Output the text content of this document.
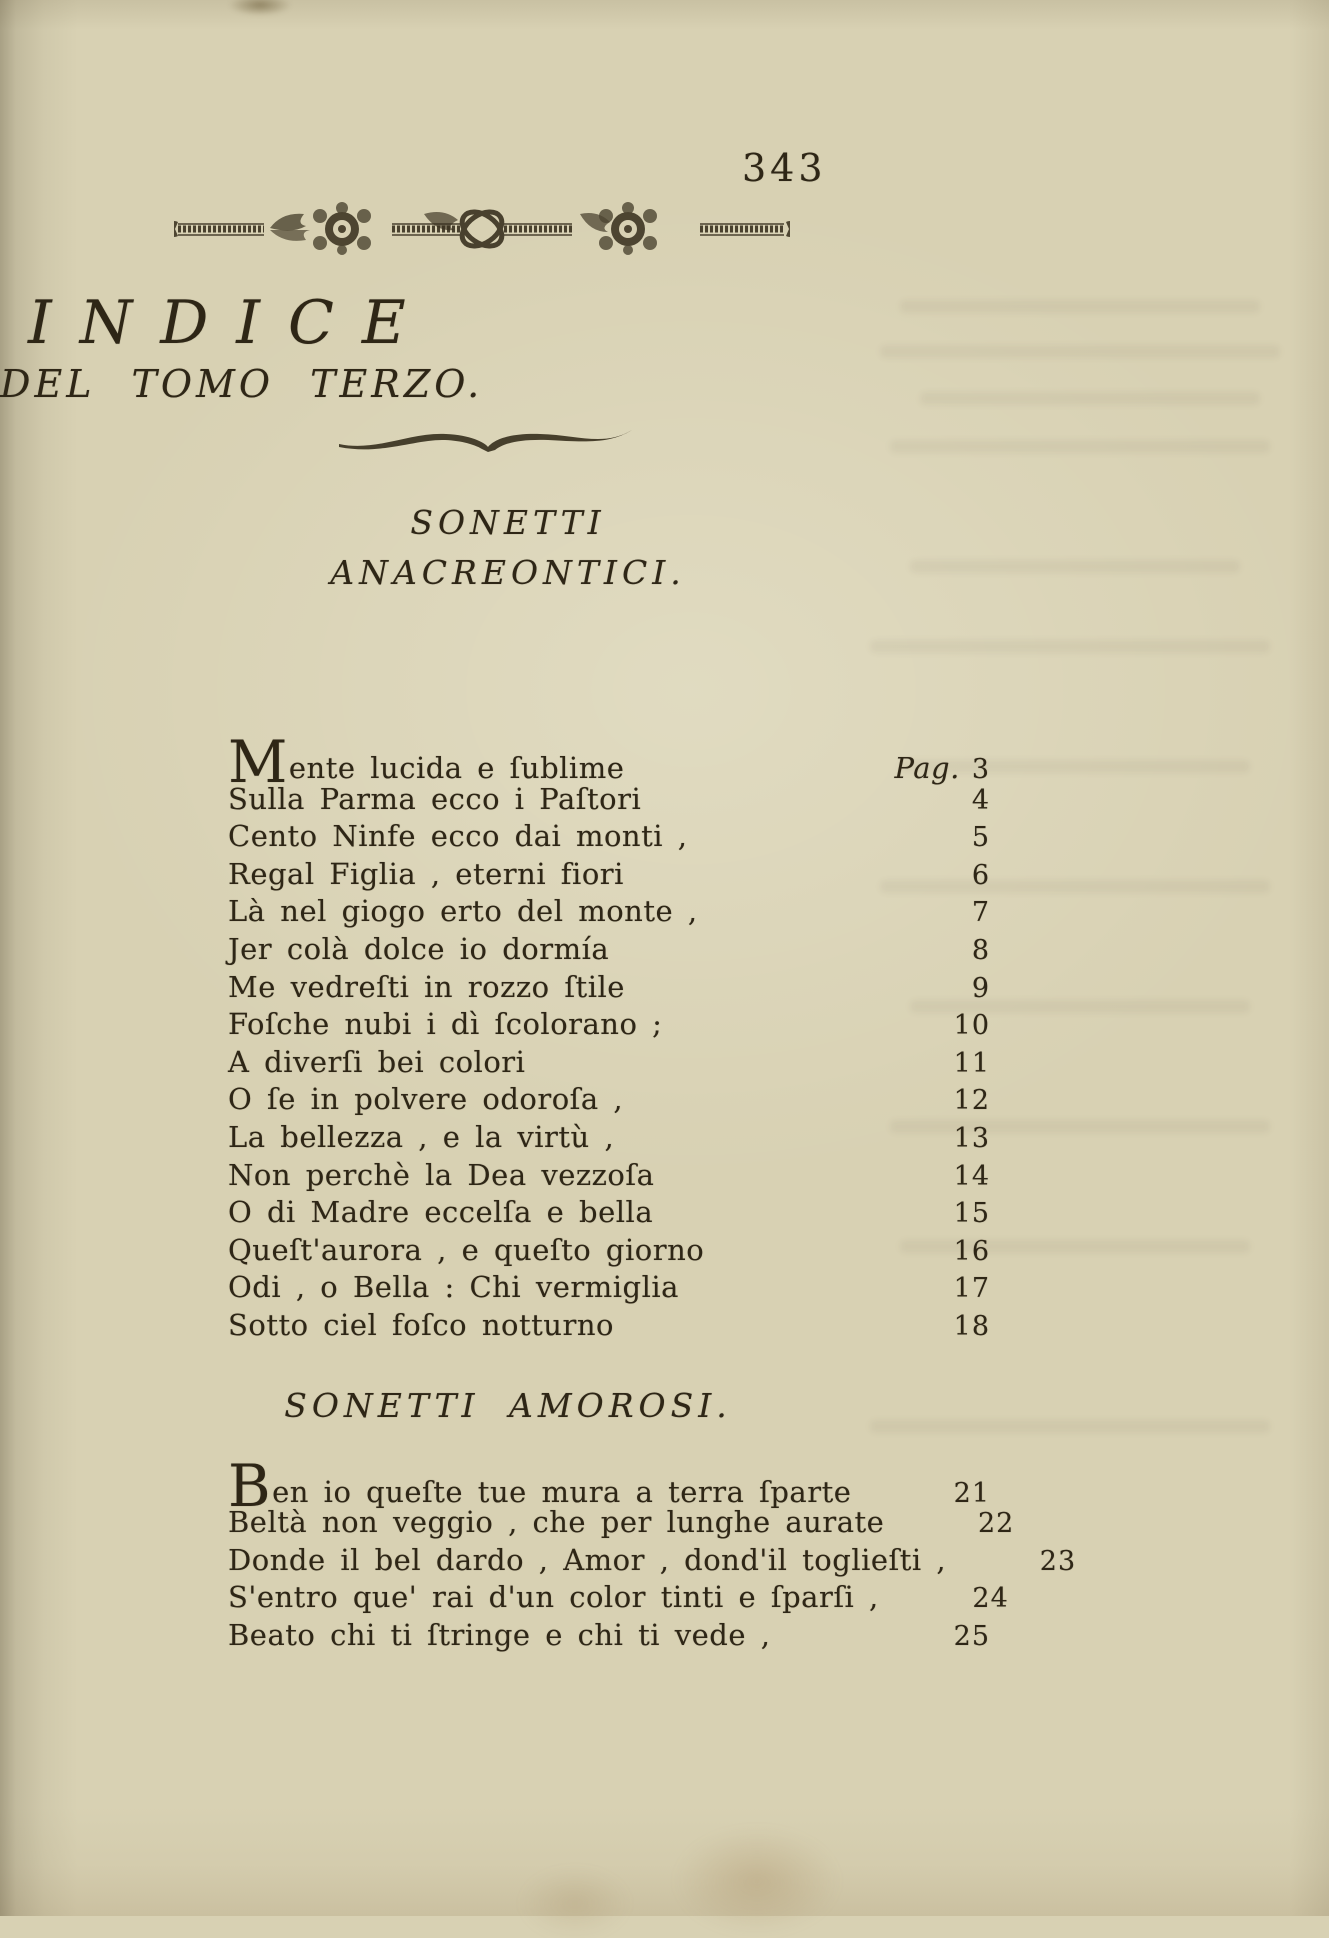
343
INDICE
DEL TOMO TERZO.
SONETTI ANACREONTICI.
Mente lucida e ſublime	Pag. 3
Sulla Parma ecco i Paſtori	4
Cento Ninfe ecco dai monti ,	5
Regal Figlia , eterni fiori	6
Là nel giogo erto del monte ,	7
Jer colà dolce io dormía	8
Me vedreſti in rozzo ſtile	9
Foſche nubi i dì ſcolorano ;	10
A diverſi bei colori	11
O ſe in polvere odoroſa ,	12
La bellezza , e la virtù ,	13
Non perchè la Dea vezzoſa	14
O di Madre eccelſa e bella	15
Queſt'aurora , e queſto giorno	16
Odi , o Bella : Chi vermiglia	17
Sotto ciel foſco notturno	18
SONETTI AMOROSI.
Ben io queſte tue mura a terra ſparte	21
Beltà non veggio , che per lunghe aurate	22
Donde il bel dardo , Amor , dond'il toglieſti ,	23
S'entro que' rai d'un color tinti e ſparſi ,	24
Beato chi ti ſtringe e chi ti vede ,	25
